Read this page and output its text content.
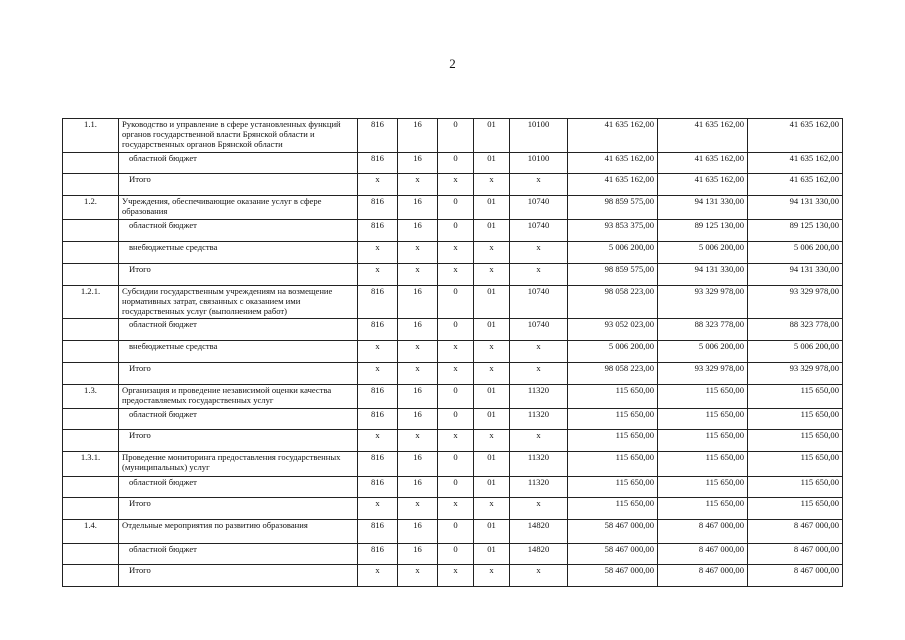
2
1.1.	Руководство и управление в сфере установленных функций органов государственной власти Брянской области и государственных органов Брянской области	816	16	0	01	10100	41 635 162,00	41 635 162,00	41 635 162,00
	областной бюджет	816	16	0	01	10100	41 635 162,00	41 635 162,00	41 635 162,00
	Итого	x	x	x	x	x	41 635 162,00	41 635 162,00	41 635 162,00
1.2.	Учреждения, обеспечивающие оказание услуг в сфере образования	816	16	0	01	10740	98 859 575,00	94 131 330,00	94 131 330,00
	областной бюджет	816	16	0	01	10740	93 853 375,00	89 125 130,00	89 125 130,00
	внебюджетные средства	x	x	x	x	x	5 006 200,00	5 006 200,00	5 006 200,00
	Итого	x	x	x	x	x	98 859 575,00	94 131 330,00	94 131 330,00
1.2.1.	Субсидии государственным учреждениям на возмещение нормативных затрат, связанных с оказанием ими государственных услуг (выполнением работ)	816	16	0	01	10740	98 058 223,00	93 329 978,00	93 329 978,00
	областной бюджет	816	16	0	01	10740	93 052 023,00	88 323 778,00	88 323 778,00
	внебюджетные средства	x	x	x	x	x	5 006 200,00	5 006 200,00	5 006 200,00
	Итого	x	x	x	x	x	98 058 223,00	93 329 978,00	93 329 978,00
1.3.	Организация и проведение независимой оценки качества предоставляемых государственных услуг	816	16	0	01	11320	115 650,00	115 650,00	115 650,00
	областной бюджет	816	16	0	01	11320	115 650,00	115 650,00	115 650,00
	Итого	x	x	x	x	x	115 650,00	115 650,00	115 650,00
1.3.1.	Проведение мониторинга предоставления государственных (муниципальных) услуг	816	16	0	01	11320	115 650,00	115 650,00	115 650,00
	областной бюджет	816	16	0	01	11320	115 650,00	115 650,00	115 650,00
	Итого	x	x	x	x	x	115 650,00	115 650,00	115 650,00
1.4.	Отдельные мероприятия по развитию образования	816	16	0	01	14820	58 467 000,00	8 467 000,00	8 467 000,00
	областной бюджет	816	16	0	01	14820	58 467 000,00	8 467 000,00	8 467 000,00
	Итого	x	x	x	x	x	58 467 000,00	8 467 000,00	8 467 000,00
